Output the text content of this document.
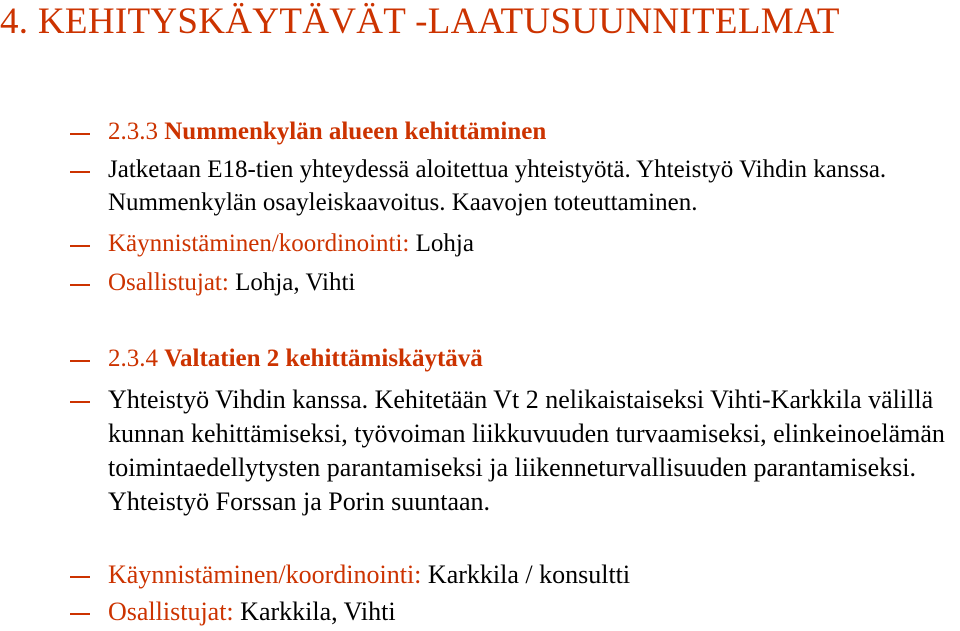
4. KEHITYSKÄYTÄVÄT -LAATUSUUNNITELMAT
2.3.3 Nummenkylän alueen kehittäminen
Jatketaan E18-tien yhteydessä aloitettua yhteistyötä. Yhteistyö Vihdin kanssa. Nummenkylän osayleiskaavoitus. Kaavojen toteuttaminen.
Käynnistäminen/koordinointi: Lohja
Osallistujat: Lohja, Vihti
2.3.4 Valtatien 2 kehittämiskäytävä
Yhteistyö Vihdin kanssa. Kehitetään Vt 2 nelikaistaiseksi Vihti-Karkkila välillä kunnan kehittämiseksi, työvoiman liikkuvuuden turvaamiseksi, elinkeinoelämän toimintaedellytysten parantamiseksi ja liikenneturvallisuuden parantamiseksi. Yhteistyö Forssan ja Porin suuntaan.
Käynnistäminen/koordinointi: Karkkila / konsultti
Osallistujat: Karkkila, Vihti
